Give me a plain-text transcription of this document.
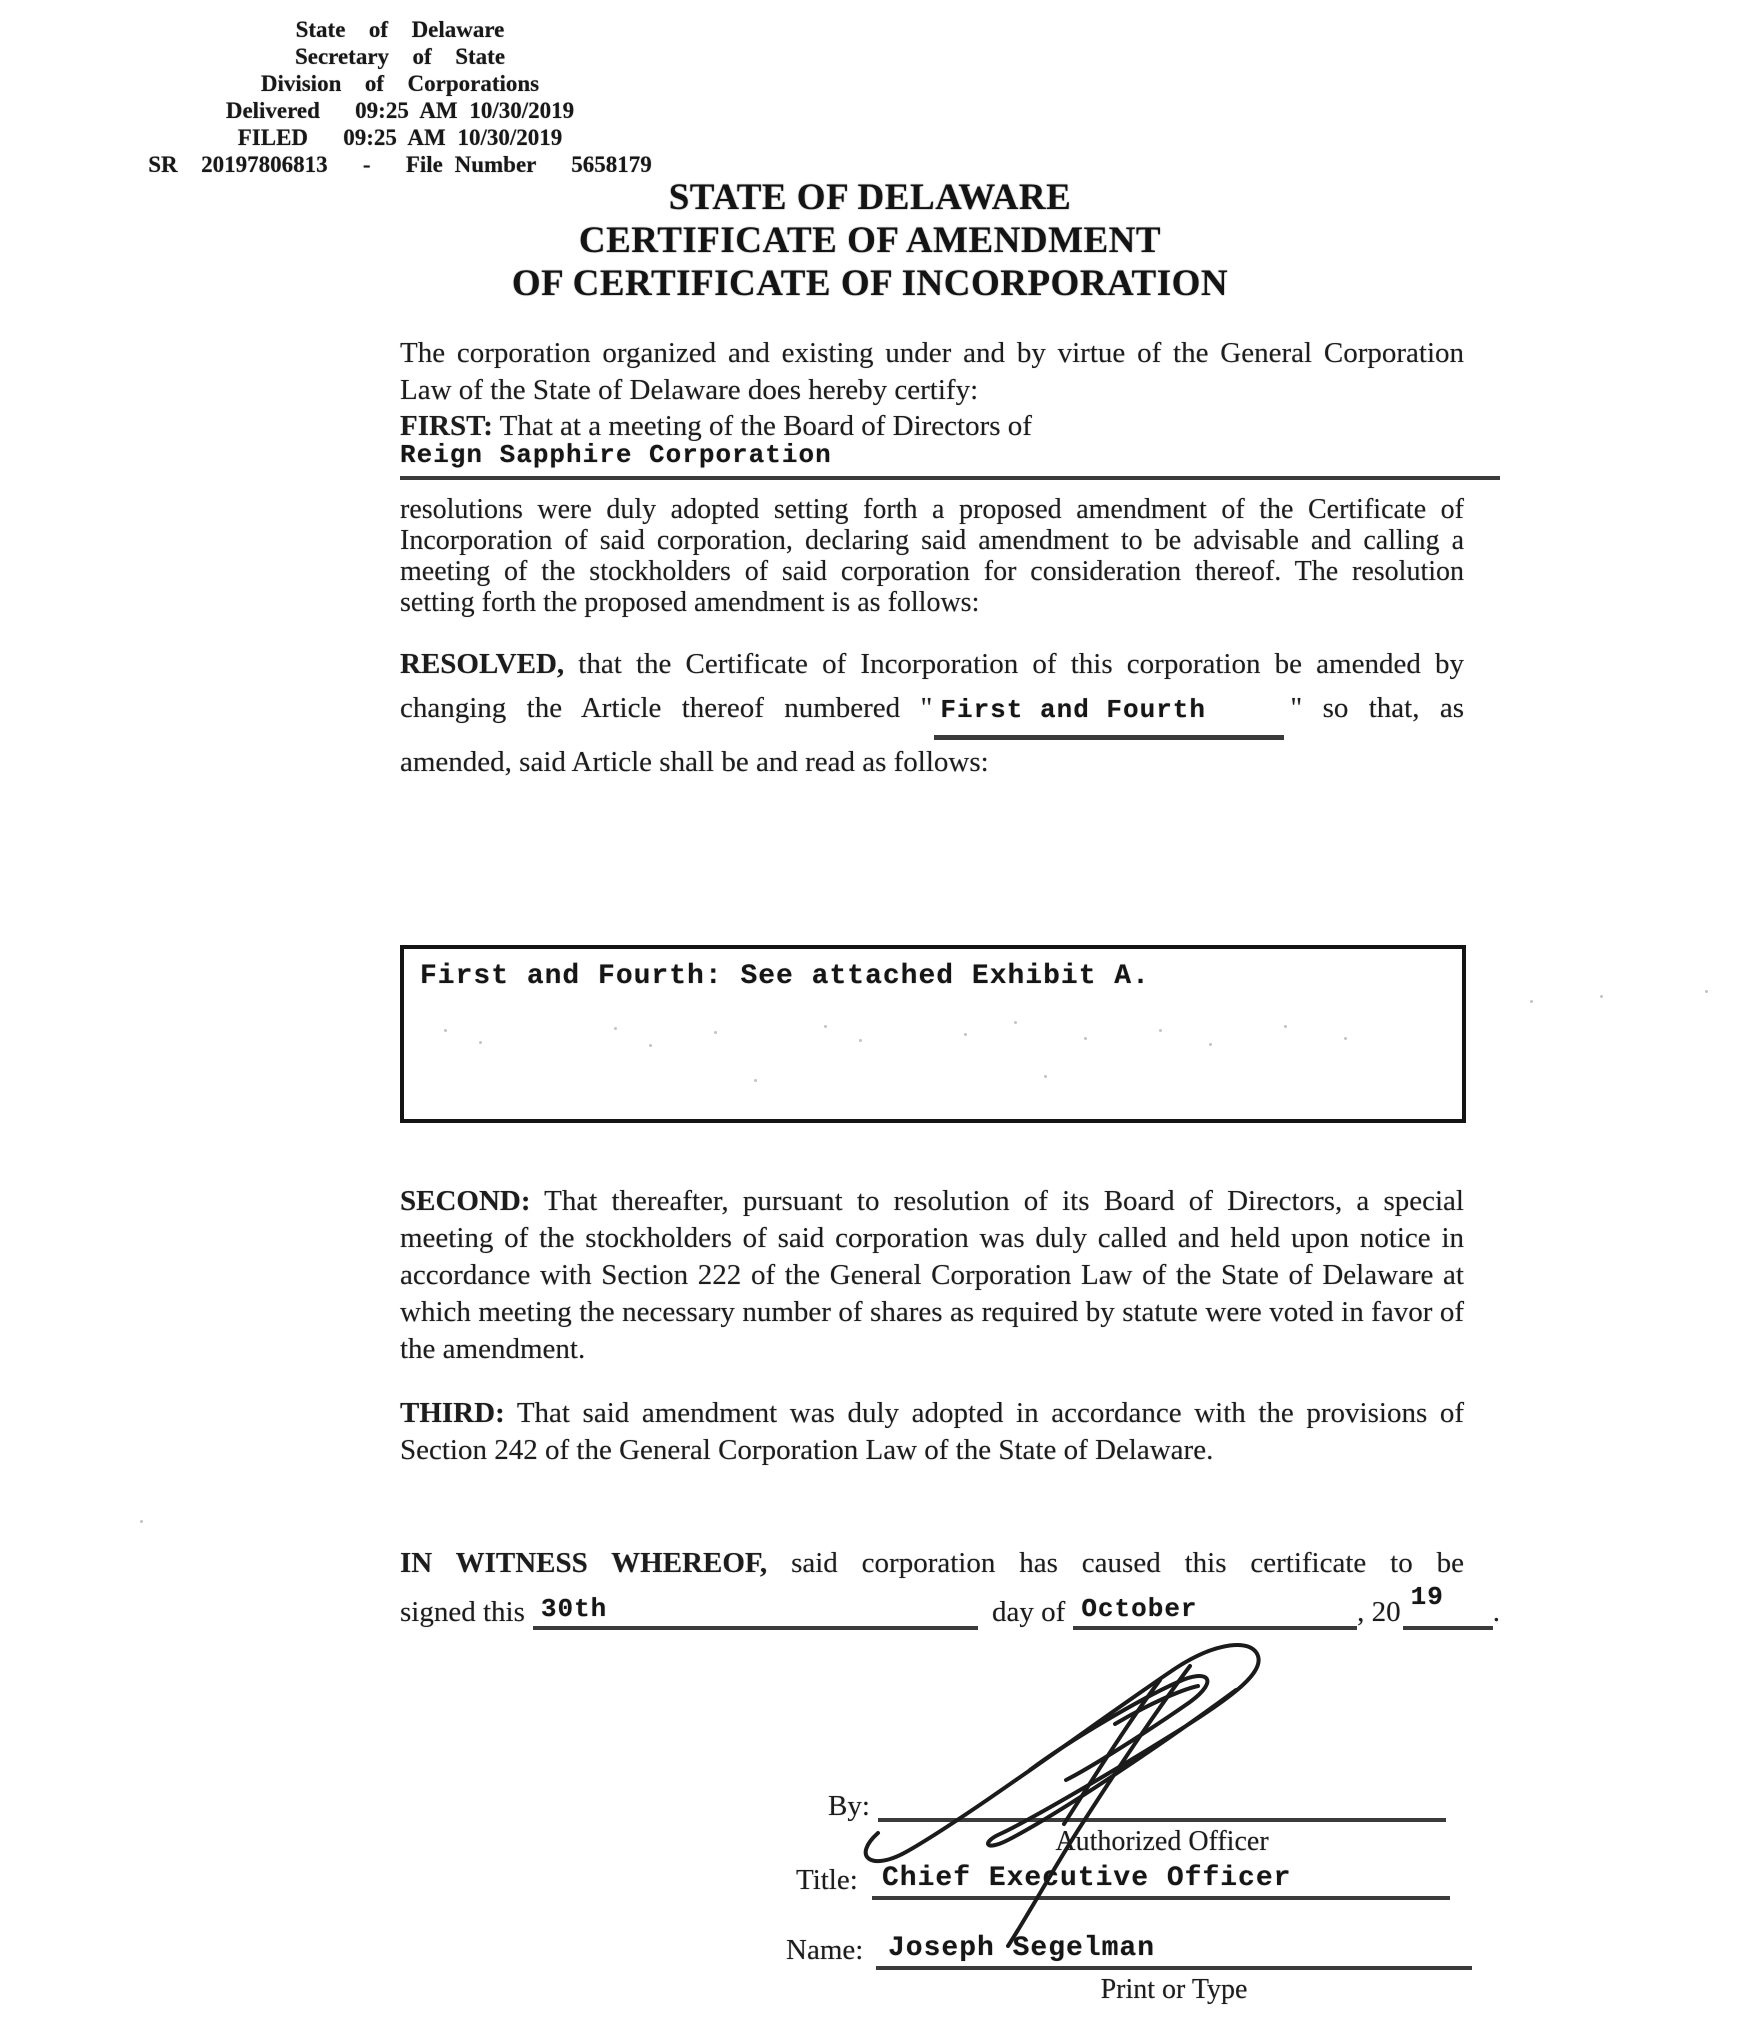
State  of  Delaware
Secretary  of  State
Division  of  Corporations
Delivered   09:25 AM 10/30/2019
FILED   09:25 AM 10/30/2019
SR  20197806813   -   File Number   5658179
STATE OF DELAWARE
CERTIFICATE OF AMENDMENT
OF CERTIFICATE OF INCORPORATION
The corporation organized and existing under and by virtue of the General Corporation Law of the State of Delaware does hereby certify:
FIRST: That at a meeting of the Board of Directors of
Reign Sapphire Corporation
resolutions were duly adopted setting forth a proposed amendment of the Certificate of Incorporation of said corporation, declaring said amendment to be advisable and calling a meeting of the stockholders of said corporation for consideration thereof. The resolution setting forth the proposed amendment is as follows:
RESOLVED, that the Certificate of Incorporation of this corporation be amended by changing the Article thereof numbered " First and Fourth	" so that, as amended, said Article shall be and read as follows:
First and Fourth: See attached Exhibit A.
SECOND: That thereafter, pursuant to resolution of its Board of Directors, a special meeting of the stockholders of said corporation was duly called and held upon notice in accordance with Section 222 of the General Corporation Law of the State of Delaware at which meeting the necessary number of shares as required by statute were voted in favor of the amendment.
THIRD: That said amendment was duly adopted in accordance with the provisions of Section 242 of the General Corporation Law of the State of Delaware.
IN WITNESS WHEREOF, said corporation has caused this certificate to be
signed this 30th	day of October	, 20 19 .
By:
Authorized Officer
Title: Chief Executive Officer
Name: Joseph Segelman
Print or Type
